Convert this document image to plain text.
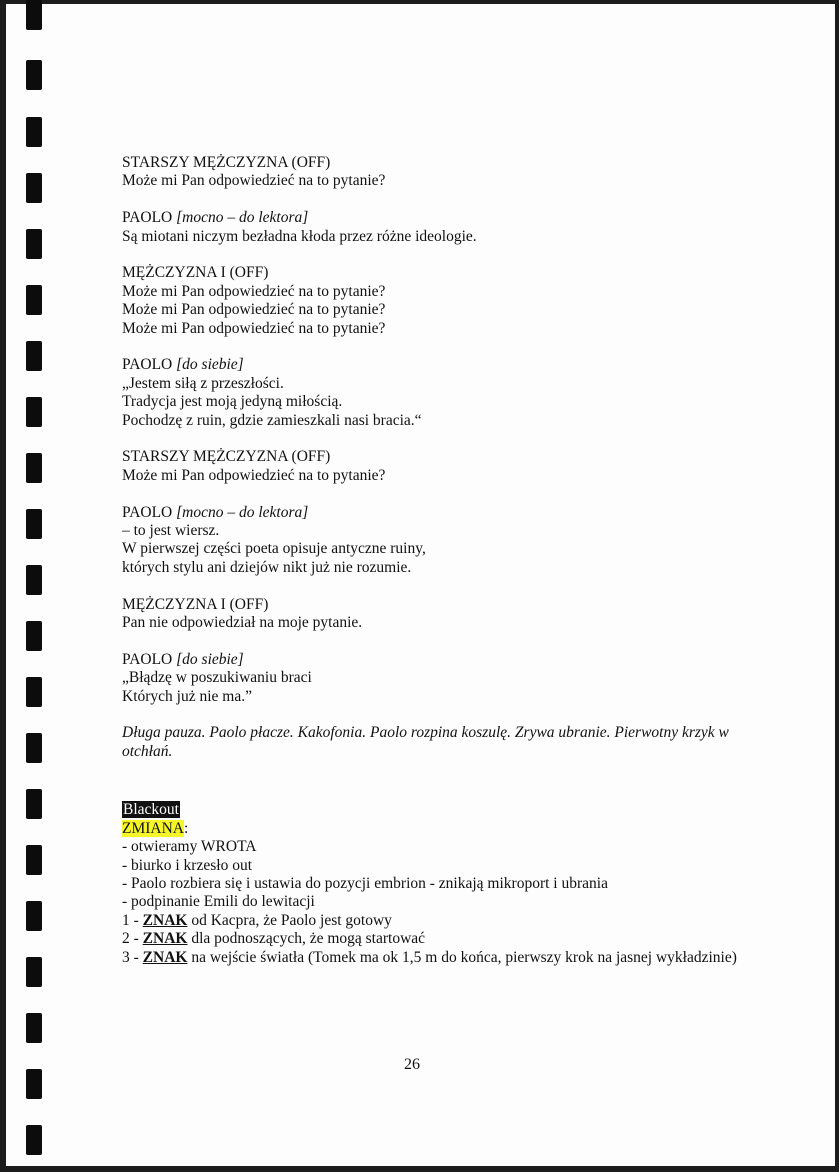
STARSZY MĘŻCZYZNA (OFF)
Może mi Pan odpowiedzieć na to pytanie?
PAOLO [mocno – do lektora]
Są miotani niczym bezładna kłoda przez różne ideologie.
MĘŻCZYZNA I (OFF)
Może mi Pan odpowiedzieć na to pytanie?
Może mi Pan odpowiedzieć na to pytanie?
Może mi Pan odpowiedzieć na to pytanie?
PAOLO [do siebie]
„Jestem siłą z przeszłości.
Tradycja jest moją jedyną miłością.
Pochodzę z ruin, gdzie zamieszkali nasi bracia.“
STARSZY MĘŻCZYZNA (OFF)
Może mi Pan odpowiedzieć na to pytanie?
PAOLO [mocno – do lektora]
– to jest wiersz.
W pierwszej części poeta opisuje antyczne ruiny,
których stylu ani dziejów nikt już nie rozumie.
MĘŻCZYZNA I (OFF)
Pan nie odpowiedział na moje pytanie.
PAOLO [do siebie]
„Błądzę w poszukiwaniu braci
Których już nie ma.”
Długa pauza. Paolo płacze. Kakofonia. Paolo rozpina koszulę. Zrywa ubranie. Pierwotny krzyk w otchłań.
Blackout
ZMIANA:
- otwieramy WROTA
- biurko i krzesło out
- Paolo rozbiera się i ustawia do pozycji embrion - znikają mikroport i ubrania
- podpinanie Emili do lewitacji
1 - ZNAK od Kacpra, że Paolo jest gotowy
2 - ZNAK dla podnoszących, że mogą startować
3 - ZNAK na wejście światła (Tomek ma ok 1,5 m do końca, pierwszy krok na jasnej wykładzinie)
26
